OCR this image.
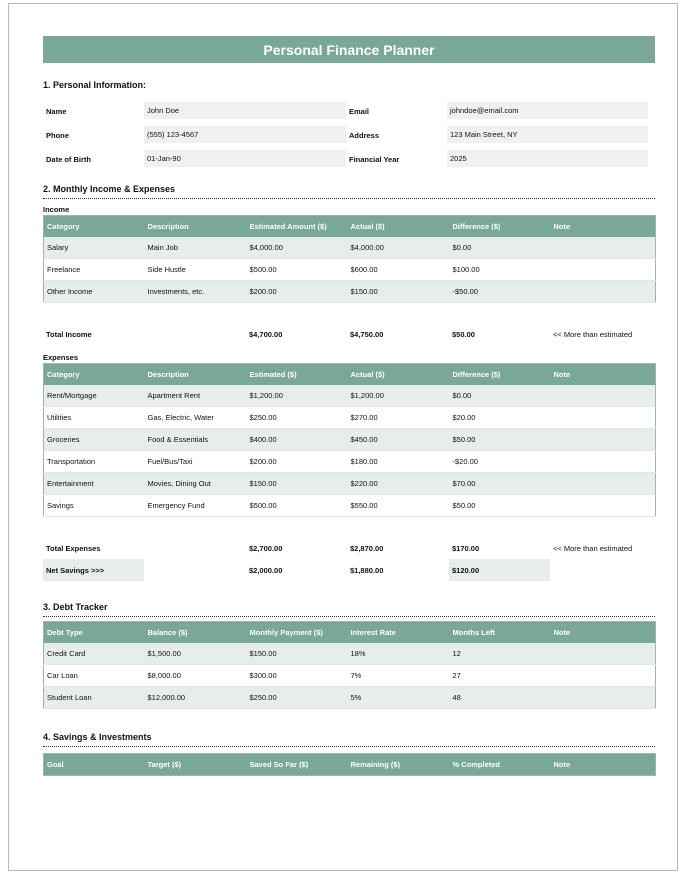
Personal Finance Planner
1. Personal Information:
Name	John Doe	Email	johndoe@email.com
Phone	(555) 123-4567	Address	123 Main Street, NY
Date of Birth	01-Jan-90	Financial Year	2025
2. Monthly Income & Expenses
Income
Category	Description	Estimated Amount ($)	Actual ($)	Difference ($)	Note
Salary	Main Job	$4,000.00	$4,000.00	$0.00	
Freelance	Side Hustle	$500.00	$600.00	$100.00	
Other Income	Investments, etc.	$200.00	$150.00	-$50.00	
Total Income		$4,700.00	$4,750.00	$50.00	<< More than estimated
Expenses
Category	Description	Estimated ($)	Actual ($)	Difference ($)	Note
Rent/Mortgage	Apartment Rent	$1,200.00	$1,200.00	$0.00	
Utilities	Gas, Electric, Water	$250.00	$270.00	$20.00	
Groceries	Food & Essentials	$400.00	$450.00	$50.00	
Transportation	Fuel/Bus/Taxi	$200.00	$180.00	-$20.00	
Entertainment	Movies, Dining Out	$150.00	$220.00	$70.00	
Savings	Emergency Fund	$500.00	$550.00	$50.00	
Total Expenses		$2,700.00	$2,870.00	$170.00	<< More than estimated
Net Savings >>>		$2,000.00	$1,880.00	$120.00	
3. Debt Tracker
Debt Type	Balance ($)	Monthly Payment ($)	Interest Rate	Months Left	Note
Credit Card	$1,500.00	$150.00	18%	12	
Car Loan	$8,000.00	$300.00	7%	27	
Student Loan	$12,000.00	$250.00	5%	48	
4. Savings & Investments
Goal	Target ($)	Saved So Far ($)	Remaining ($)	% Completed	Note
